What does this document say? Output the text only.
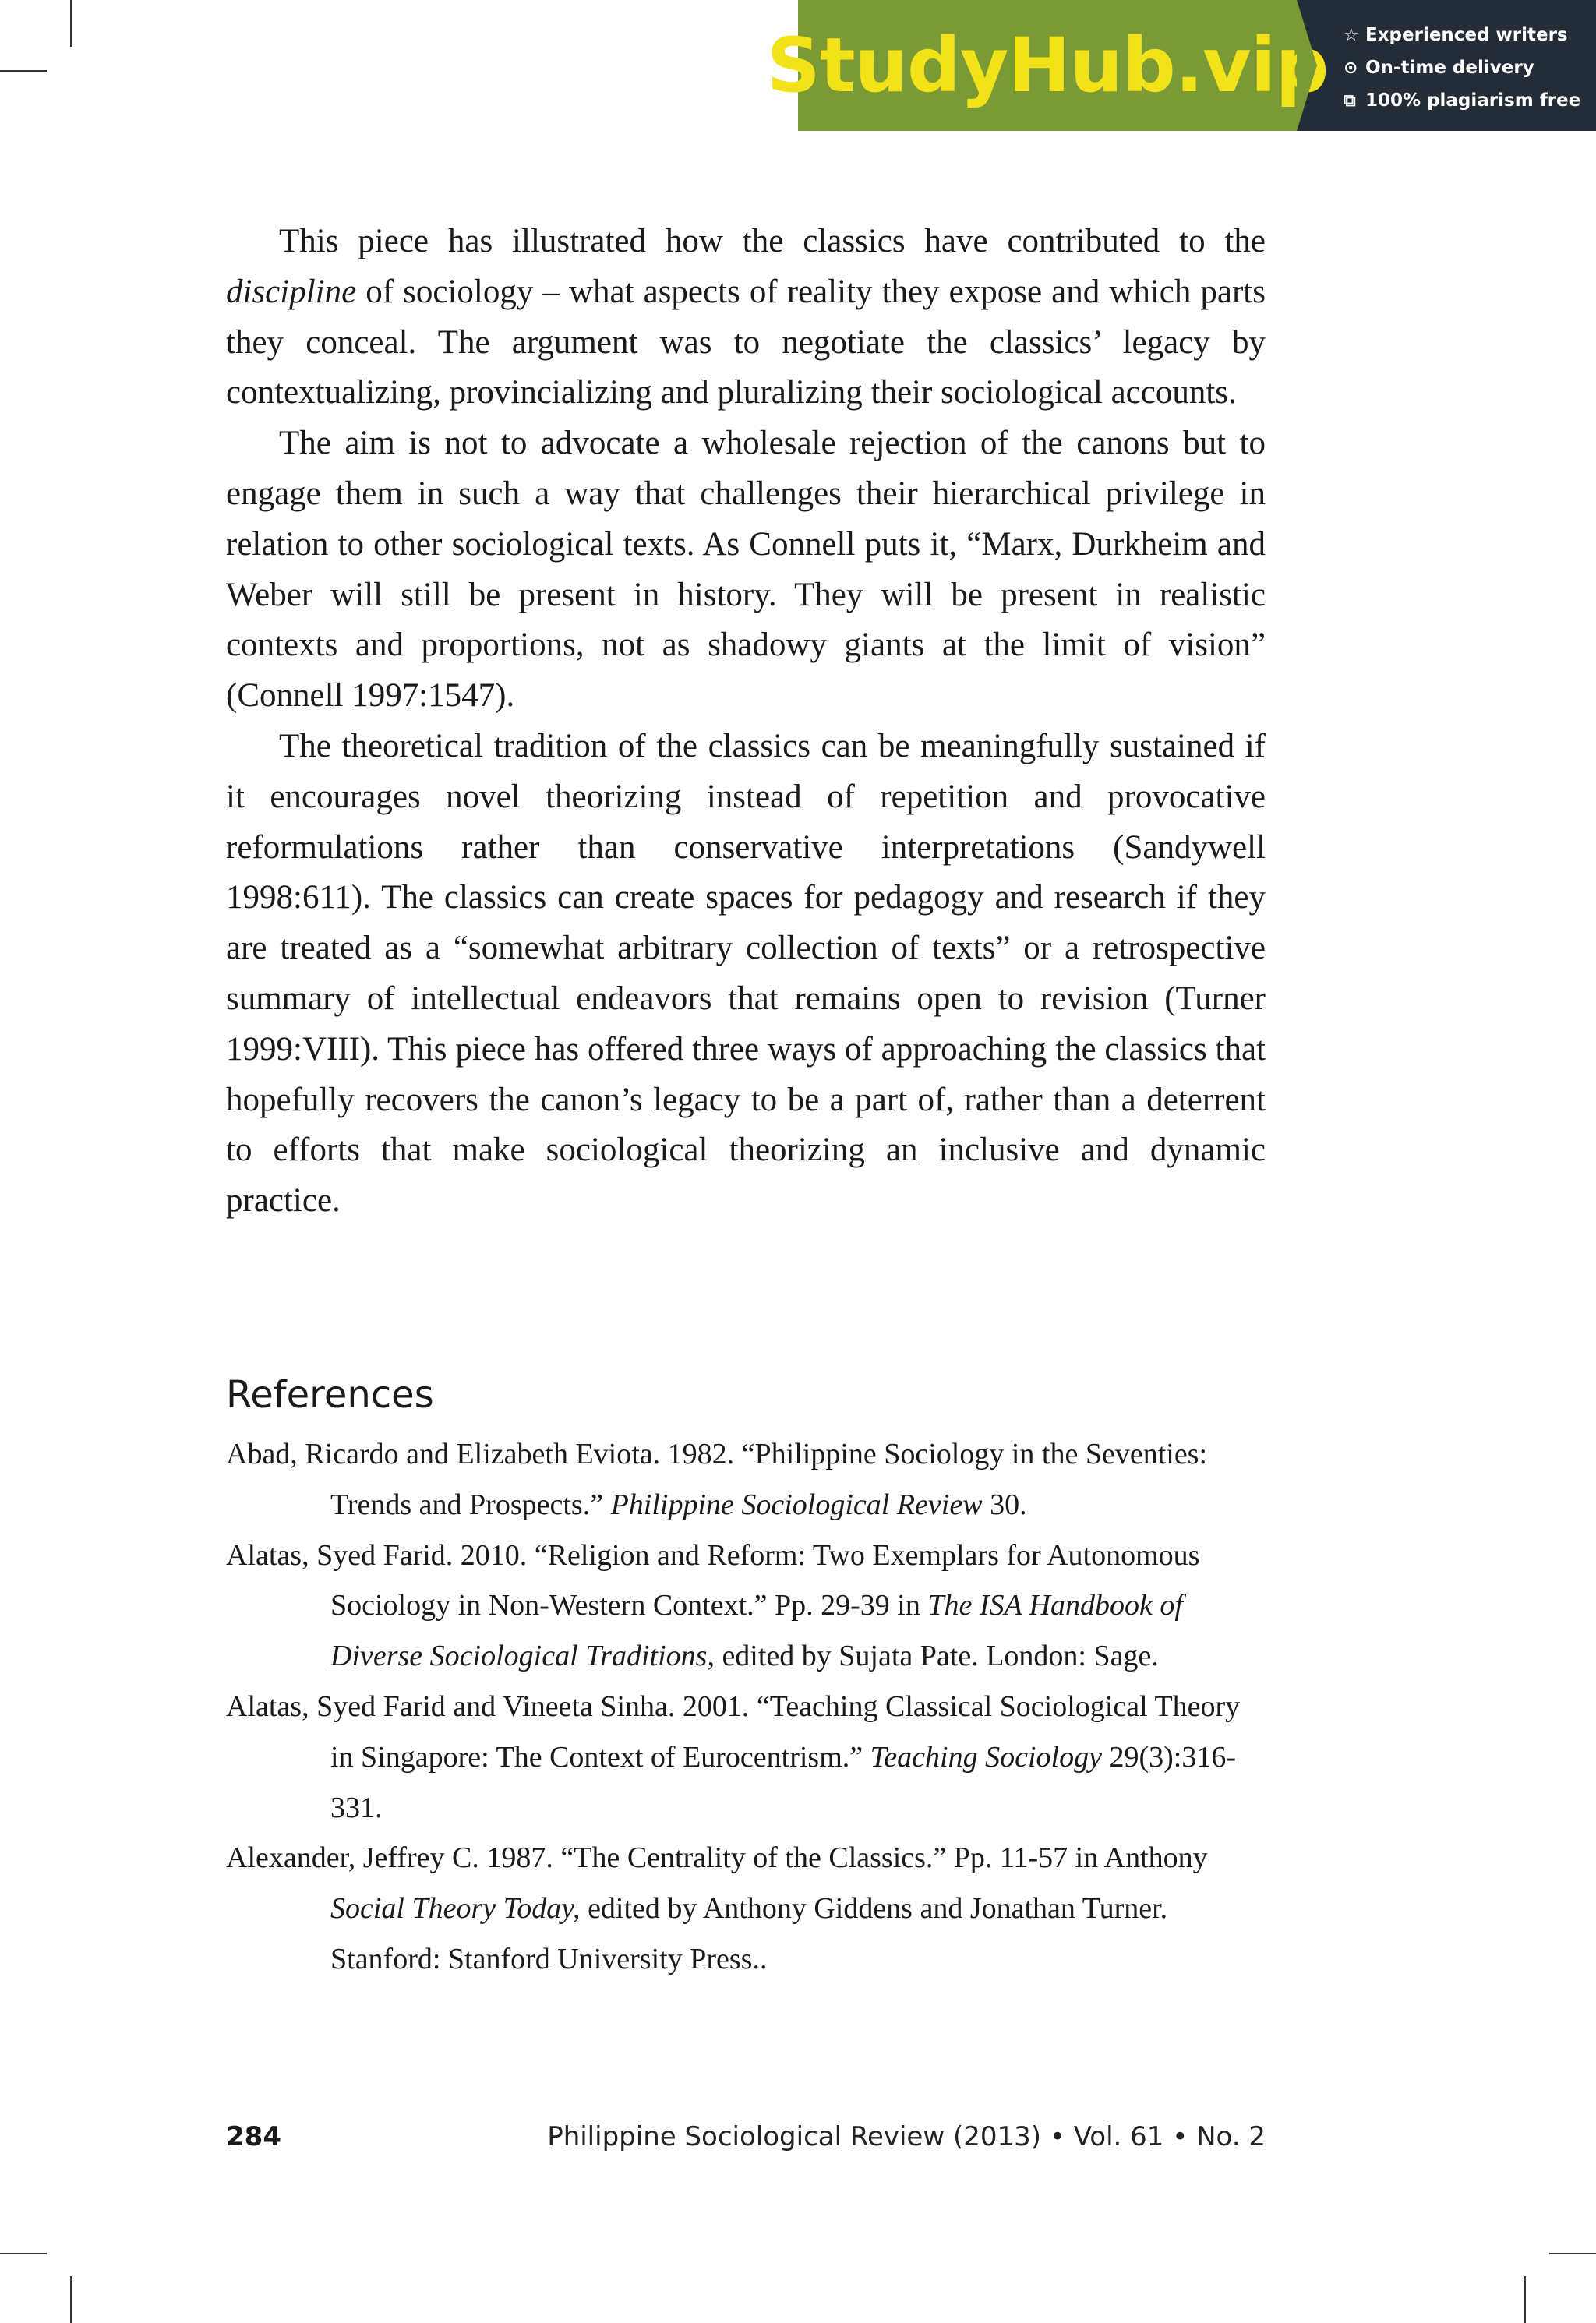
StudyHub.vip ☆ Experienced writers
⊙ On-time delivery
⧉ 100% plagiarism free

This piece has illustrated how the classics have contributed to the discipline of sociology – what aspects of reality they expose and which parts they conceal. The argument was to negotiate the classics’ legacy by contextualizing, provincializing and pluralizing their sociological accounts.

The aim is not to advocate a wholesale rejection of the canons but to engage them in such a way that challenges their hierarchical privilege in relation to other sociological texts. As Connell puts it, “Marx, Durkheim and Weber will still be present in history. They will be present in realistic contexts and proportions, not as shadowy giants at the limit of vision” (Connell 1997:1547).

The theoretical tradition of the classics can be meaningfully sustained if it encourages novel theorizing instead of repetition and provocative reformulations rather than conservative interpretations (Sandywell 1998:611). The classics can create spaces for pedagogy and research if they are treated as a “somewhat arbitrary collection of texts” or a retrospective summary of intellectual endeavors that remains open to revision (Turner 1999:VIII). This piece has offered three ways of approaching the classics that hopefully recovers the canon’s legacy to be a part of, rather than a deterrent to efforts that make sociological theorizing an inclusive and dynamic practice.

References

Abad, Ricardo and Elizabeth Eviota. 1982. “Philippine Sociology in the Seventies: Trends and Prospects.” Philippine Sociological Review 30.

Alatas, Syed Farid. 2010. “Religion and Reform: Two Exemplars for Autonomous Sociology in Non-Western Context.” Pp. 29-39 in The ISA Handbook of Diverse Sociological Traditions, edited by Sujata Pate. London: Sage.

Alatas, Syed Farid and Vineeta Sinha. 2001. “Teaching Classical Sociological Theory in Singapore: The Context of Eurocentrism.” Teaching Sociology 29(3):316-331.

Alexander, Jeffrey C. 1987. “The Centrality of the Classics.” Pp. 11-57 in Anthony Social Theory Today, edited by Anthony Giddens and Jonathan Turner. Stanford: Stanford University Press..

284	Philippine Sociological Review (2013) • Vol. 61 • No. 2
